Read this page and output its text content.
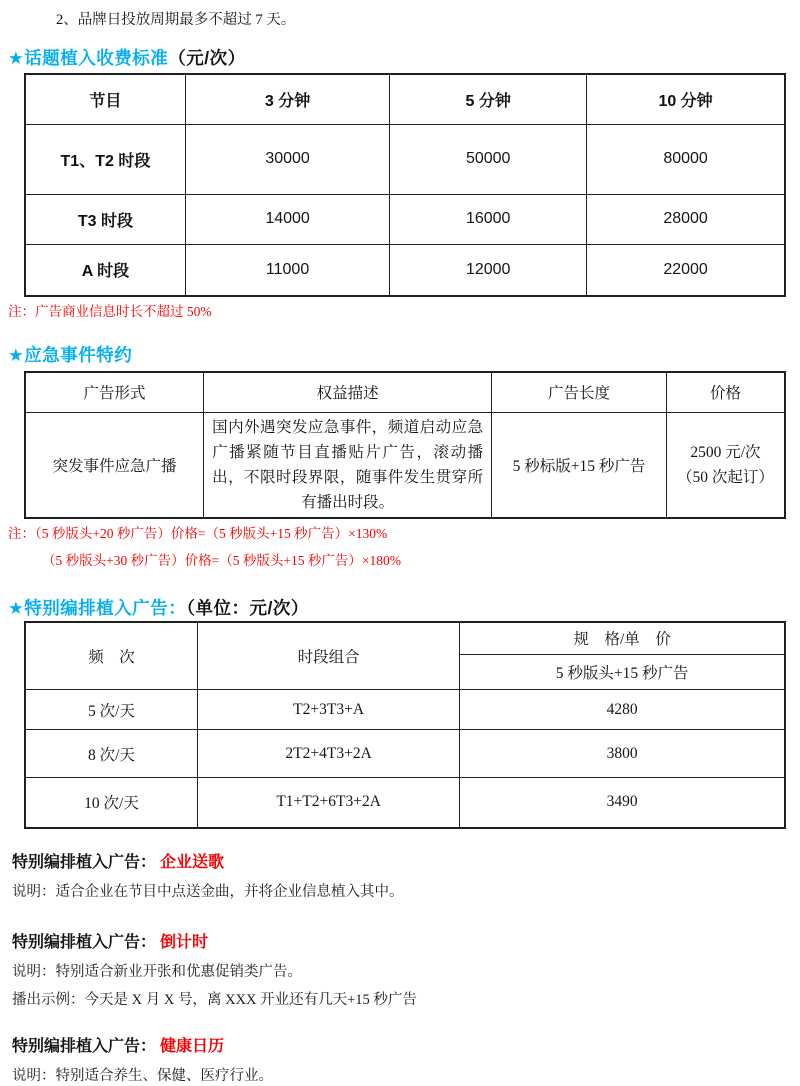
2、品牌日投放周期最多不超过 7 天。
★话题植入收费标准（元/次）
节目	3 分钟	5 分钟	10 分钟
T1、T2 时段	30000	50000	80000
T3 时段	14000	16000	28000
A 时段	11000	12000	22000
注：广告商业信息时长不超过 50%
★应急事件特约
广告形式	权益描述	广告长度	价格
突发事件应急广播	国内外遇突发应急事件，频道启动应急广播紧随节目直播贴片广告，滚动播出，不限时段界限，随事件发生贯穿所有播出时段。	5 秒标版+15 秒广告	2500 元/次
（50 次起订）
注：（5 秒版头+20 秒广告）价格=（5 秒版头+15 秒广告）×130%
（5 秒版头+30 秒广告）价格=（5 秒版头+15 秒广告）×180%
★特别编排植入广告：（单位：元/次）
频　次	时段组合	规　格/单　价
		5 秒版头+15 秒广告
5 次/天	T2+3T3+A	4280
8 次/天	2T2+4T3+2A	3800
10 次/天	T1+T2+6T3+2A	3490
特别编排植入广告： 企业送歌
说明：适合企业在节目中点送金曲，并将企业信息植入其中。
特别编排植入广告： 倒计时
说明：特别适合新业开张和优惠促销类广告。
播出示例：今天是 X 月 X 号，离 XXX 开业还有几天+15 秒广告
特别编排植入广告： 健康日历
说明：特别适合养生、保健、医疗行业。
